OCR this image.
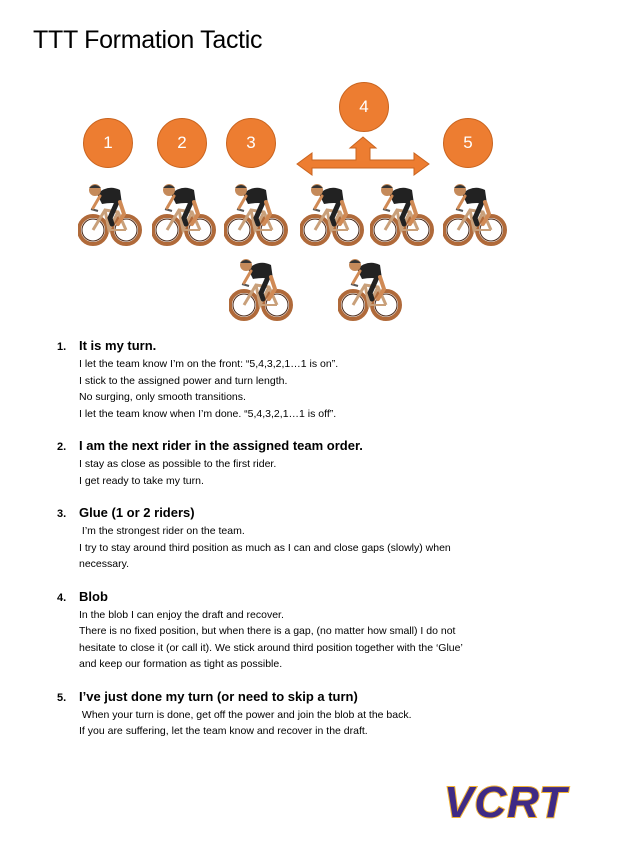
TTT Formation Tactic
1	2	3
4
5
1. It is my turn.
I let the team know I’m on the front: “5,4,3,2,1…1 is on”.
I stick to the assigned power and turn length.
No surging, only smooth transitions.
I let the team know when I’m done. “5,4,3,2,1…1 is off”.
2. I am the next rider in the assigned team order.
I stay as close as possible to the first rider.
I get ready to take my turn.
3. Glue (1 or 2 riders)
I’m the strongest rider on the team.
I try to stay around third position as much as I can and close gaps (slowly) when
necessary.
4. Blob
In the blob I can enjoy the draft and recover.
There is no fixed position, but when there is a gap, (no matter how small) I do not
hesitate to close it (or call it). We stick around third position together with the ‘Glue’
and keep our formation as tight as possible.
5. I’ve just done my turn (or need to skip a turn)
When your turn is done, get off the power and join the blob at the back.
If you are suffering, let the team know and recover in the draft.
VCRT
